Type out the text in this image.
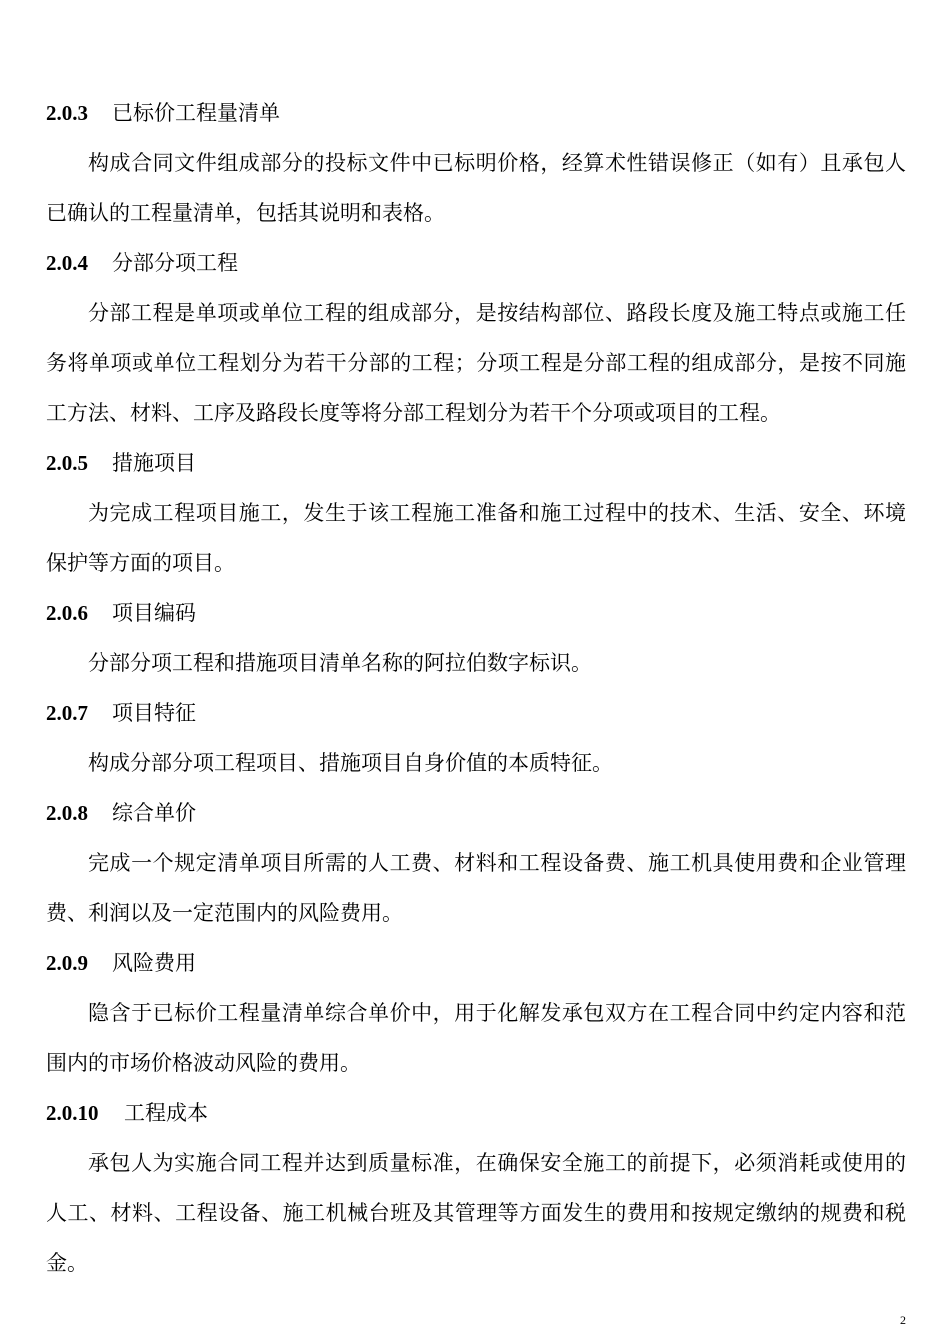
2.0.3 已标价工程量清单

构成合同文件组成部分的投标文件中已标明价格，经算术性错误修正（如有）且承包人已确认的工程量清单，包括其说明和表格。

2.0.4 分部分项工程

分部工程是单项或单位工程的组成部分，是按结构部位、路段长度及施工特点或施工任务将单项或单位工程划分为若干分部的工程；分项工程是分部工程的组成部分，是按不同施工方法、材料、工序及路段长度等将分部工程划分为若干个分项或项目的工程。

2.0.5 措施项目

为完成工程项目施工，发生于该工程施工准备和施工过程中的技术、生活、安全、环境保护等方面的项目。

2.0.6 项目编码

分部分项工程和措施项目清单名称的阿拉伯数字标识。

2.0.7 项目特征

构成分部分项工程项目、措施项目自身价值的本质特征。

2.0.8 综合单价

完成一个规定清单项目所需的人工费、材料和工程设备费、施工机具使用费和企业管理费、利润以及一定范围内的风险费用。

2.0.9 风险费用

隐含于已标价工程量清单综合单价中，用于化解发承包双方在工程合同中约定内容和范围内的市场价格波动风险的费用。

2.0.10 工程成本

承包人为实施合同工程并达到质量标准，在确保安全施工的前提下，必须消耗或使用的人工、材料、工程设备、施工机械台班及其管理等方面发生的费用和按规定缴纳的规费和税金。

2
